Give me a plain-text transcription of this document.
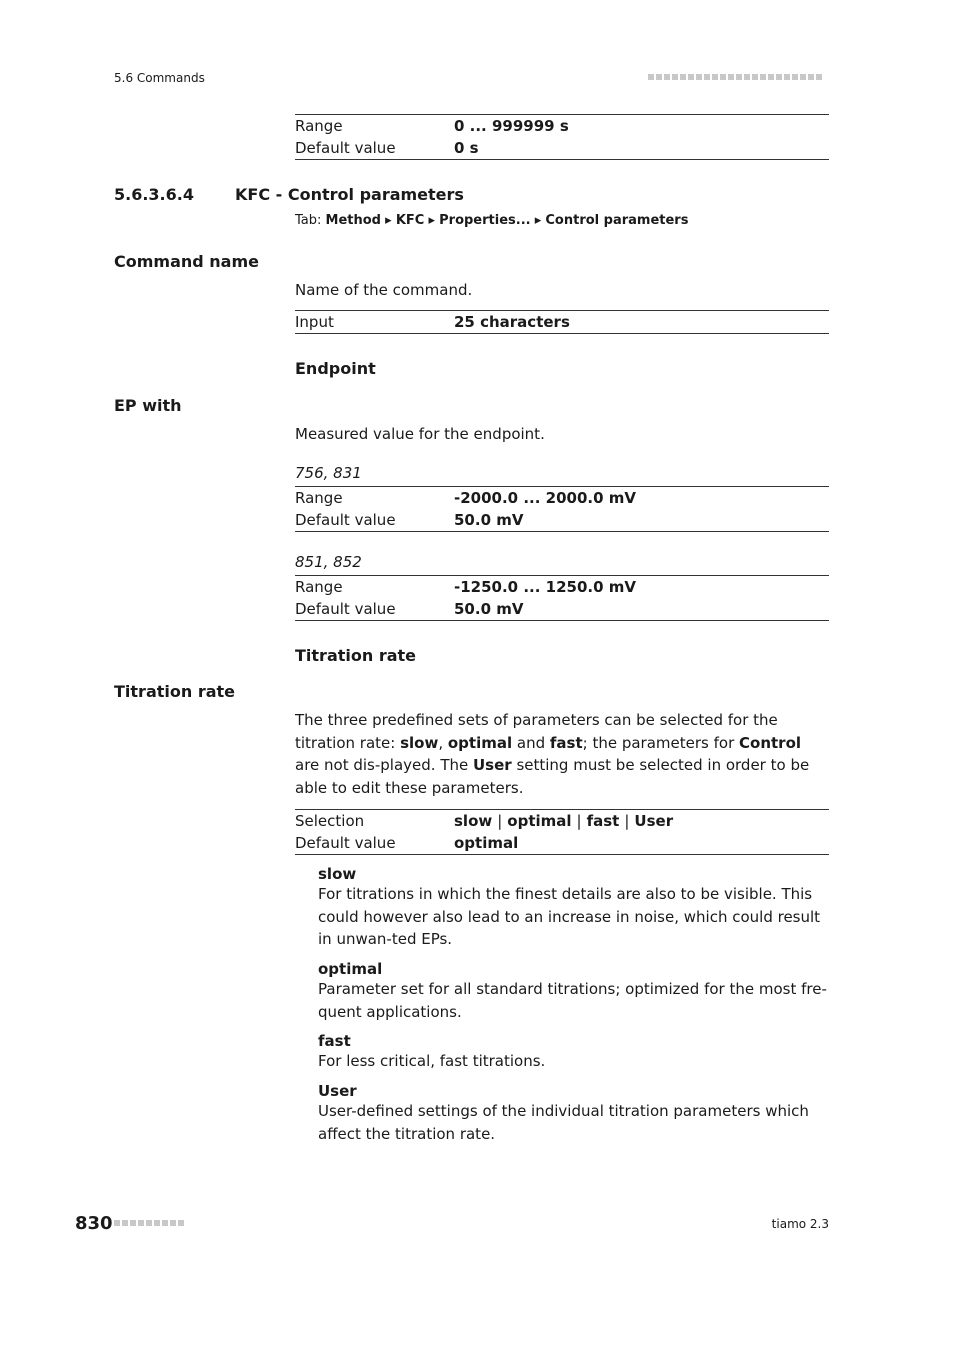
5.6 Commands
Range	0 ... 999999 s
Default value	0 s
5.6.3.6.4	KFC - Control parameters
Tab: Method ▸ KFC ▸ Properties... ▸ Control parameters
Command name
Name of the command.
Input	25 characters
Endpoint
EP with
Measured value for the endpoint.
756, 831
Range	-2000.0 ... 2000.0 mV
Default value	50.0 mV
851, 852
Range	-1250.0 ... 1250.0 mV
Default value	50.0 mV
Titration rate
Titration rate
The three predefined sets of parameters can be selected for the titration rate: slow, optimal and fast; the parameters for Control are not dis-played. The User setting must be selected in order to be able to edit these parameters.
Selection	slow | optimal | fast | User
Default value	optimal
slow
For titrations in which the finest details are also to be visible. This could however also lead to an increase in noise, which could result in unwan-ted EPs.
optimal
Parameter set for all standard titrations; optimized for the most fre-quent applications.
fast
For less critical, fast titrations.
User
User-defined settings of the individual titration parameters which affect the titration rate.
830	tiamo 2.3
